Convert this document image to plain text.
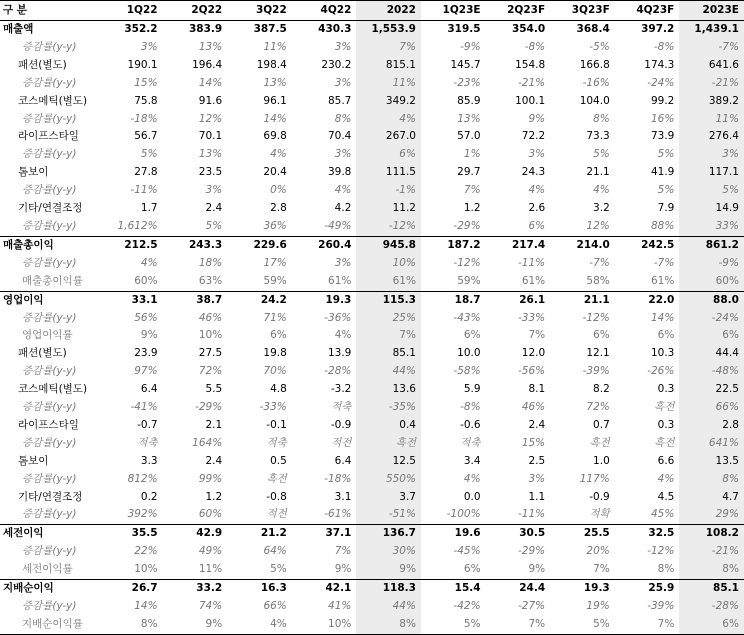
구 분	1Q22	2Q22	3Q22	4Q22	2022	1Q23E	2Q23F	3Q23F	4Q23F	2023E
매출액	352.2	383.9	387.5	430.3	1,553.9	319.5	354.0	368.4	397.2	1,439.1
증감률(y-y)	3%	13%	11%	3%	7%	-9%	-8%	-5%	-8%	-7%
패션(별도)	190.1	196.4	198.4	230.2	815.1	145.7	154.8	166.8	174.3	641.6
증감률(y-y)	15%	14%	13%	3%	11%	-23%	-21%	-16%	-24%	-21%
코스메틱(별도)	75.8	91.6	96.1	85.7	349.2	85.9	100.1	104.0	99.2	389.2
증감률(y-y)	-18%	12%	14%	8%	4%	13%	9%	8%	16%	11%
라이프스타일	56.7	70.1	69.8	70.4	267.0	57.0	72.2	73.3	73.9	276.4
증감률(y-y)	5%	13%	4%	3%	6%	1%	3%	5%	5%	3%
톰보이	27.8	23.5	20.4	39.8	111.5	29.7	24.3	21.1	41.9	117.1
증감률(y-y)	-11%	3%	0%	4%	-1%	7%	4%	4%	5%	5%
기타/연결조정	1.7	2.4	2.8	4.2	11.2	1.2	2.6	3.2	7.9	14.9
증감률(y-y)	1,612%	5%	36%	-49%	-12%	-29%	6%	12%	88%	33%
매출총이익	212.5	243.3	229.6	260.4	945.8	187.2	217.4	214.0	242.5	861.2
증감률(y-y)	4%	18%	17%	3%	10%	-12%	-11%	-7%	-7%	-9%
매출총이익률	60%	63%	59%	61%	61%	59%	61%	58%	61%	60%
영업이익	33.1	38.7	24.2	19.3	115.3	18.7	26.1	21.1	22.0	88.0
증감률(y-y)	56%	46%	71%	-36%	25%	-43%	-33%	-12%	14%	-24%
영업이익률	9%	10%	6%	4%	7%	6%	7%	6%	6%	6%
패션(별도)	23.9	27.5	19.8	13.9	85.1	10.0	12.0	12.1	10.3	44.4
증감률(y-y)	97%	72%	70%	-28%	44%	-58%	-56%	-39%	-26%	-48%
코스메틱(별도)	6.4	5.5	4.8	-3.2	13.6	5.9	8.1	8.2	0.3	22.5
증감률(y-y)	-41%	-29%	-33%	적축	-35%	-8%	46%	72%	흑전	66%
라이프스타일	-0.7	2.1	-0.1	-0.9	0.4	-0.6	2.4	0.7	0.3	2.8
증감률(y-y)	적축	164%	적축	적전	흑전	적축	15%	흑전	흑전	641%
톰보이	3.3	2.4	0.5	6.4	12.5	3.4	2.5	1.0	6.6	13.5
증감률(y-y)	812%	99%	흑전	-18%	550%	4%	3%	117%	4%	8%
기타/연결조정	0.2	1.2	-0.8	3.1	3.7	0.0	1.1	-0.9	4.5	4.7
증감률(y-y)	392%	60%	적전	-61%	-51%	-100%	-11%	적확	45%	29%
세전이익	35.5	42.9	21.2	37.1	136.7	19.6	30.5	25.5	32.5	108.2
증감률(y-y)	22%	49%	64%	7%	30%	-45%	-29%	20%	-12%	-21%
세전이익률	10%	11%	5%	9%	9%	6%	9%	7%	8%	8%
지배순이익	26.7	33.2	16.3	42.1	118.3	15.4	24.4	19.3	25.9	85.1
증감률(y-y)	14%	74%	66%	41%	44%	-42%	-27%	19%	-39%	-28%
지배순이익률	8%	9%	4%	10%	8%	5%	7%	5%	7%	6%
